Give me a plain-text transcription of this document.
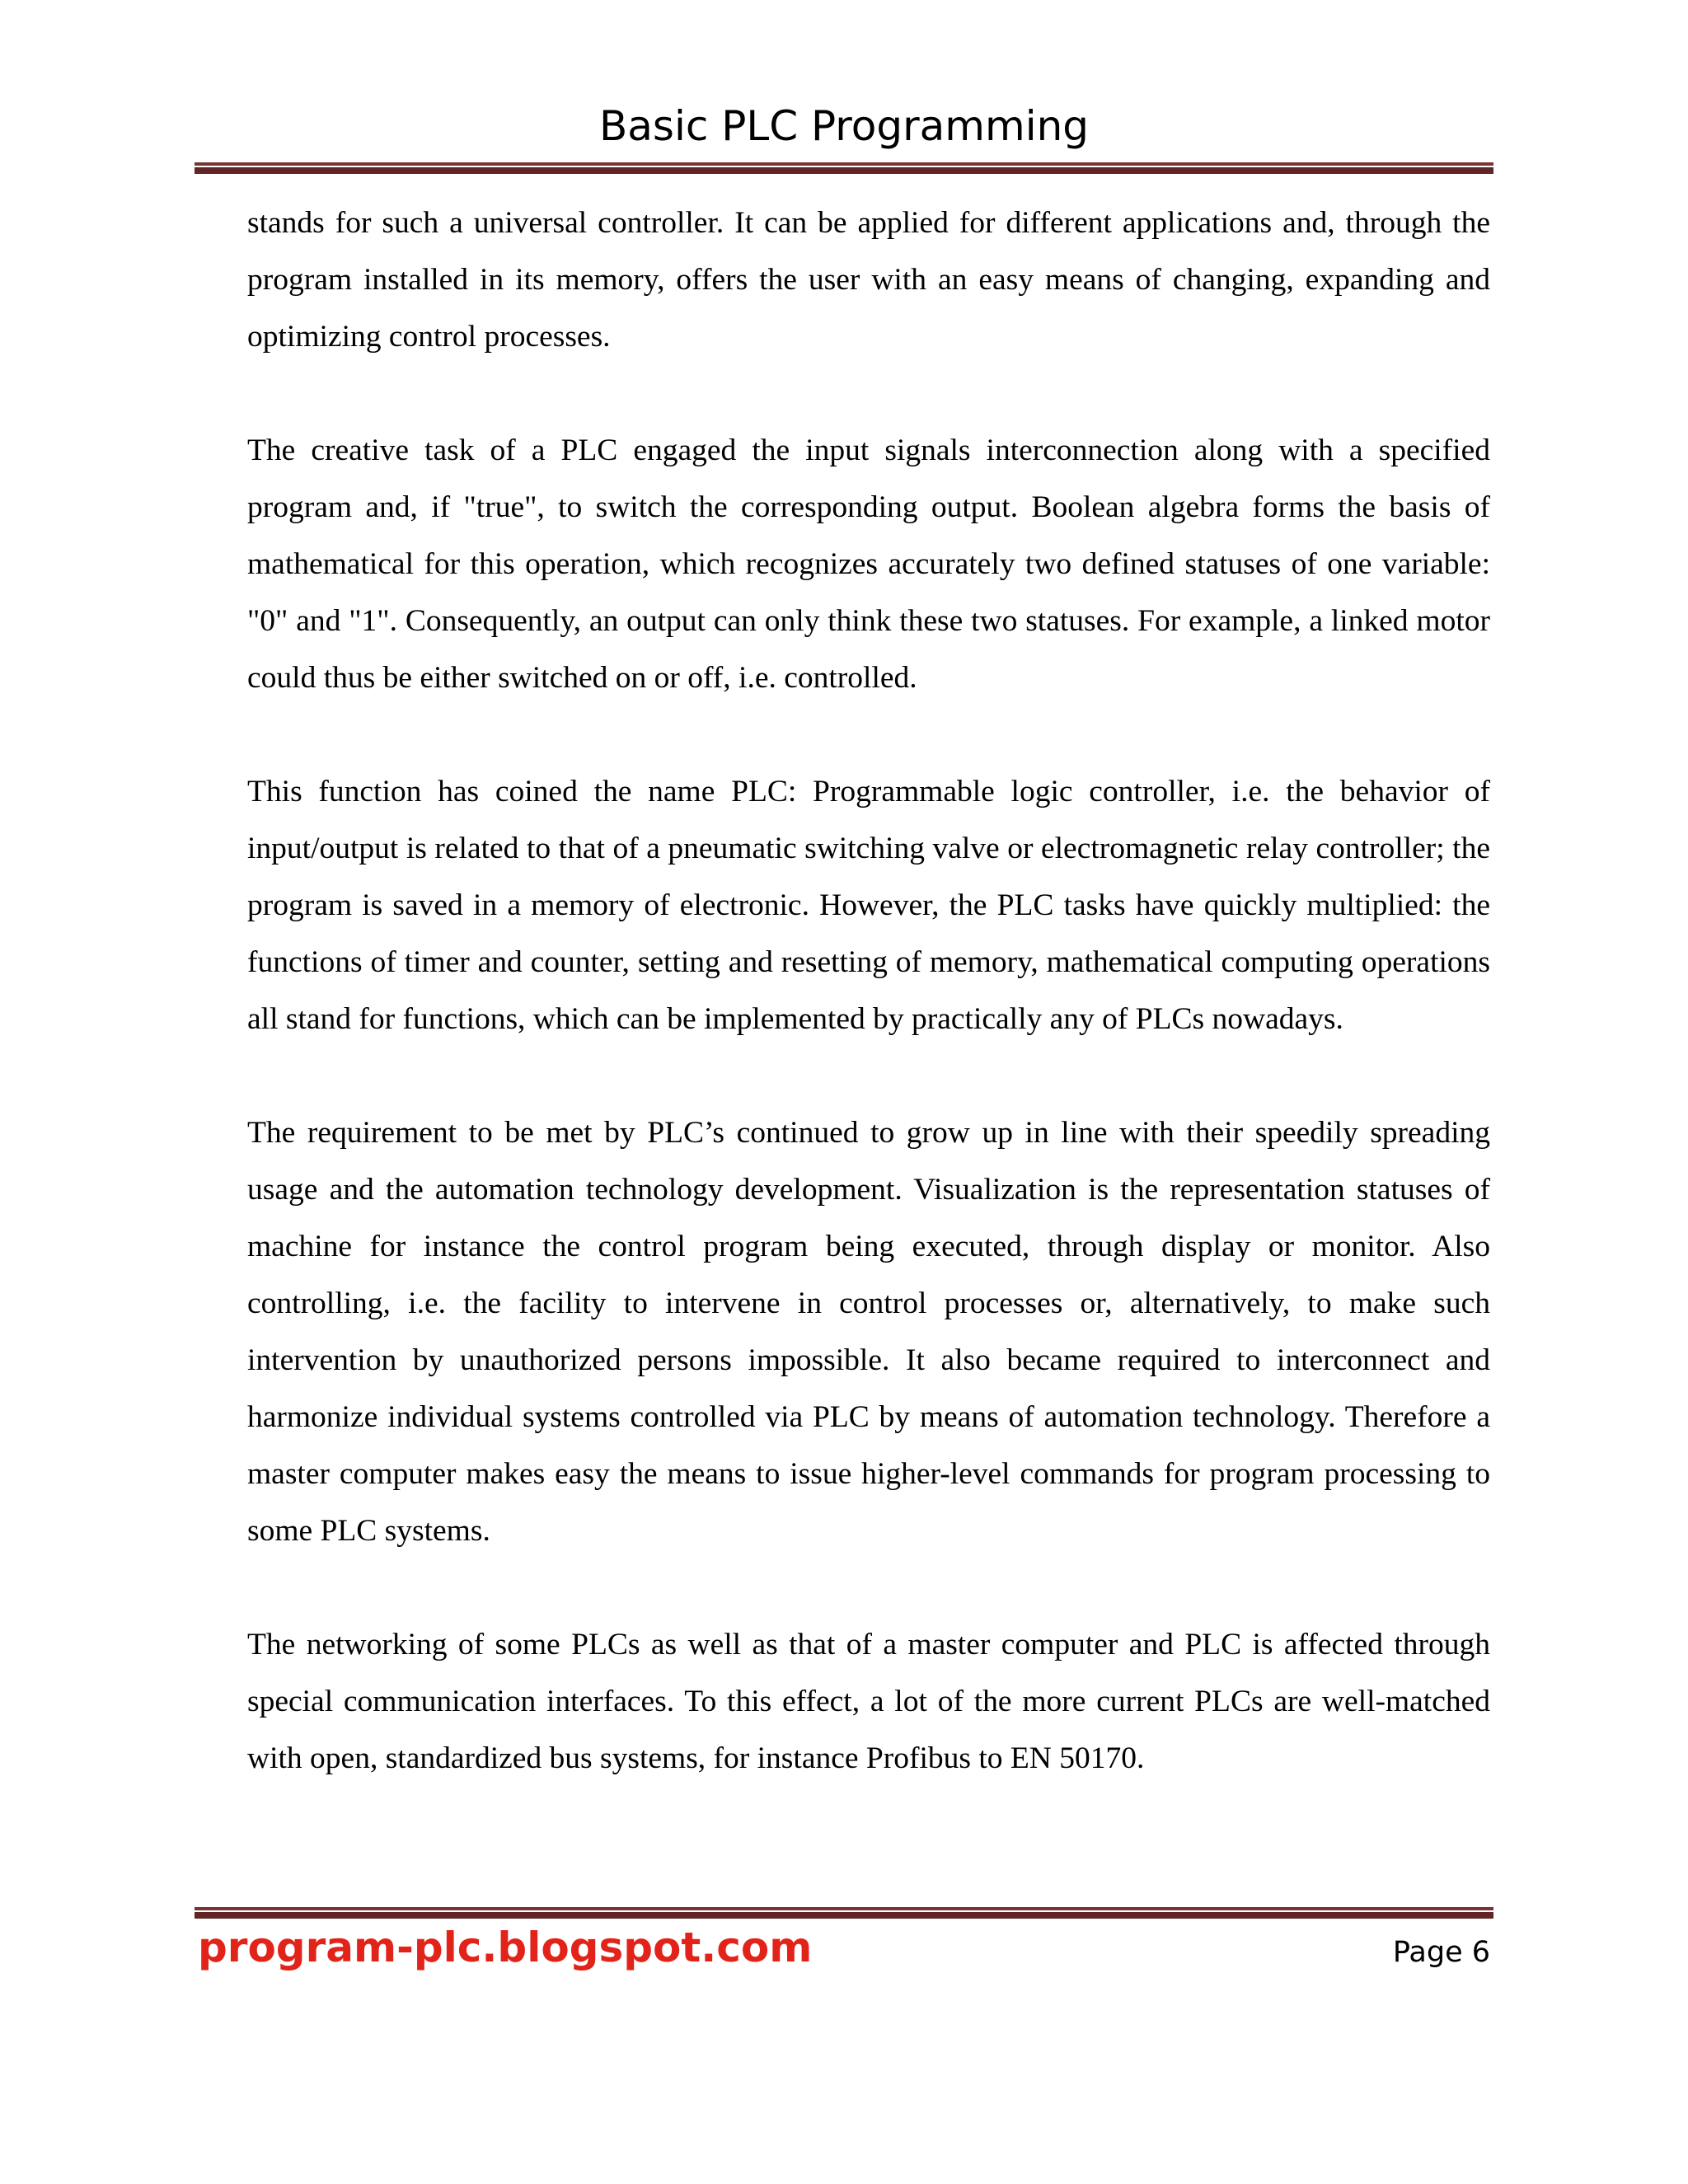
Basic PLC Programming

stands for such a universal controller. It can be applied for different applications and, through the program installed in its memory, offers the user with an easy means of changing, expanding and optimizing control processes.

The creative task of a PLC engaged the input signals interconnection along with a specified program and, if "true", to switch the corresponding output. Boolean algebra forms the basis of mathematical for this operation, which recognizes accurately two defined statuses of one variable: "0" and "1". Consequently, an output can only think these two statuses. For example, a linked motor could thus be either switched on or off, i.e. controlled.

This function has coined the name PLC: Programmable logic controller, i.e. the behavior of input/output is related to that of a pneumatic switching valve or electromagnetic relay controller; the program is saved in a memory of electronic. However, the PLC tasks have quickly multiplied: the functions of timer and counter, setting and resetting of memory, mathematical computing operations all stand for functions, which can be implemented by practically any of PLCs nowadays.

The requirement to be met by PLC’s continued to grow up in line with their speedily spreading usage and the automation technology development. Visualization is the representation statuses of machine for instance the control program being executed, through display or monitor. Also controlling, i.e. the facility to intervene in control processes or, alternatively, to make such intervention by unauthorized persons impossible. It also became required to interconnect and harmonize individual systems controlled via PLC by means of automation technology. Therefore a master computer makes easy the means to issue higher-level commands for program processing to some PLC systems.

The networking of some PLCs as well as that of a master computer and PLC is affected through special communication interfaces. To this effect, a lot of the more current PLCs are well-matched with open, standardized bus systems, for instance Profibus to EN 50170.

program-plc.blogspot.com	Page 6
